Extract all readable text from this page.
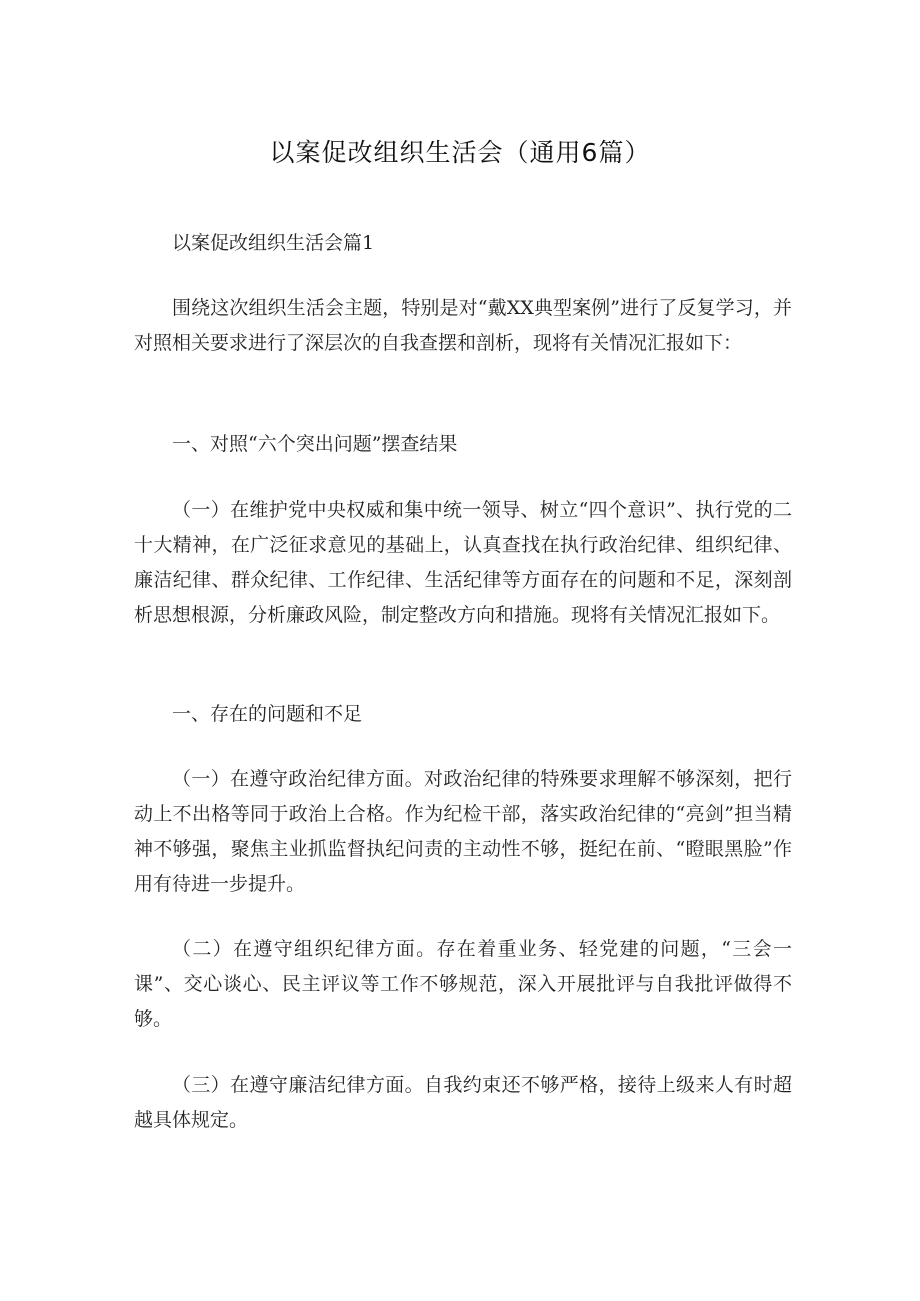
以案促改组织生活会（通用6篇）

以案促改组织生活会篇1

围绕这次组织生活会主题，特别是对“戴XX典型案例”进行了反复学习，并对照相关要求进行了深层次的自我查摆和剖析，现将有关情况汇报如下：

一、对照“六个突出问题”摆查结果

（一）在维护党中央权威和集中统一领导、树立“四个意识”、执行党的二十大精神，在广泛征求意见的基础上，认真查找在执行政治纪律、组织纪律、廉洁纪律、群众纪律、工作纪律、生活纪律等方面存在的问题和不足，深刻剖析思想根源，分析廉政风险，制定整改方向和措施。现将有关情况汇报如下。

一、存在的问题和不足

（一）在遵守政治纪律方面。对政治纪律的特殊要求理解不够深刻，把行动上不出格等同于政治上合格。作为纪检干部，落实政治纪律的“亮剑”担当精神不够强，聚焦主业抓监督执纪问责的主动性不够，挺纪在前、“瞪眼黑脸”作用有待进一步提升。

（二）在遵守组织纪律方面。存在着重业务、轻党建的问题，“三会一课”、交心谈心、民主评议等工作不够规范，深入开展批评与自我批评做得不够。

（三）在遵守廉洁纪律方面。自我约束还不够严格，接待上级来人有时超越具体规定。
